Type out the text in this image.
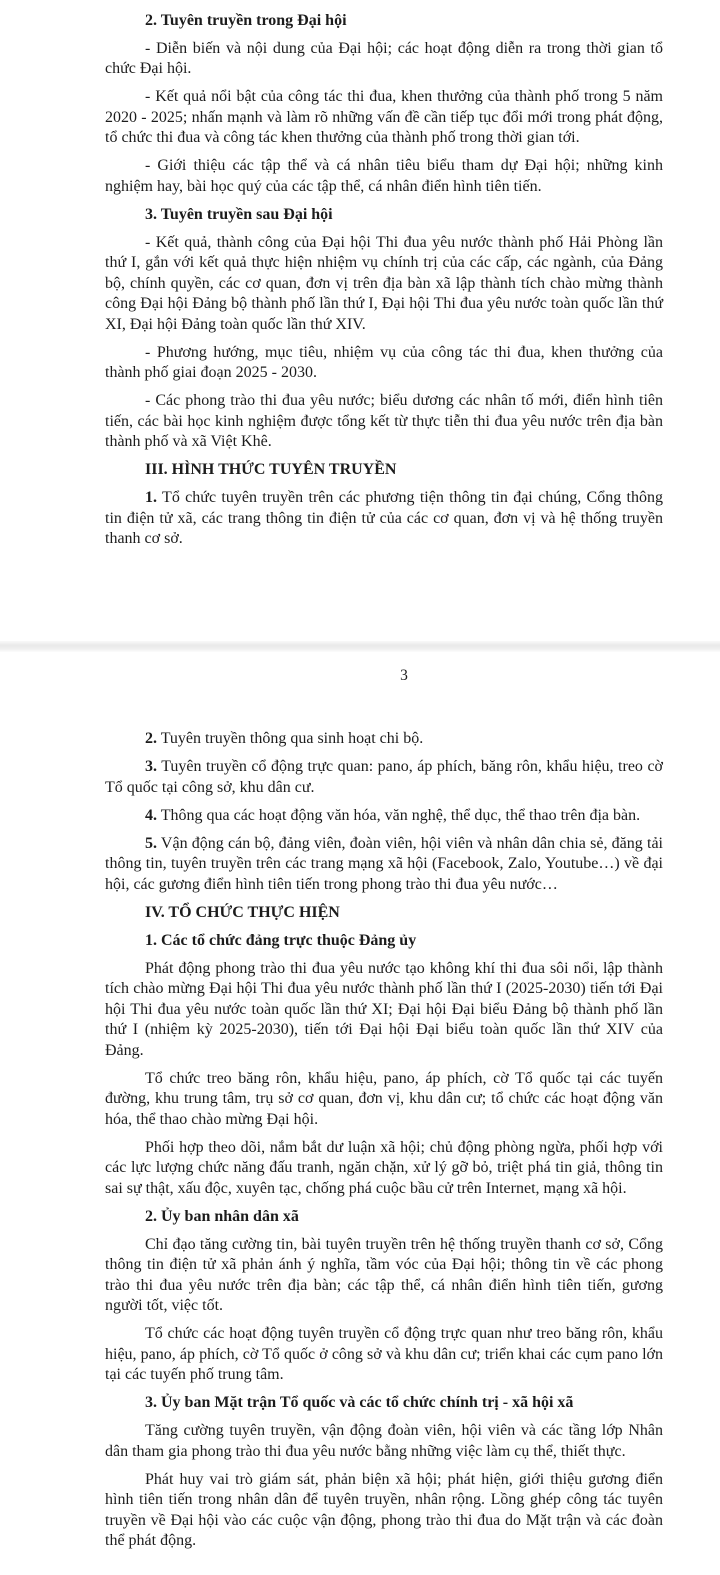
2. Tuyên truyền trong Đại hội

- Diễn biến và nội dung của Đại hội; các hoạt động diễn ra trong thời gian tổ chức Đại hội.

- Kết quả nổi bật của công tác thi đua, khen thưởng của thành phố trong 5 năm 2020 - 2025; nhấn mạnh và làm rõ những vấn đề cần tiếp tục đổi mới trong phát động, tổ chức thi đua và công tác khen thưởng của thành phố trong thời gian tới.

- Giới thiệu các tập thể và cá nhân tiêu biểu tham dự Đại hội; những kinh nghiệm hay, bài học quý của các tập thể, cá nhân điển hình tiên tiến.

3. Tuyên truyền sau Đại hội

- Kết quả, thành công của Đại hội Thi đua yêu nước thành phố Hải Phòng lần thứ I, gắn với kết quả thực hiện nhiệm vụ chính trị của các cấp, các ngành, của Đảng bộ, chính quyền, các cơ quan, đơn vị trên địa bàn xã lập thành tích chào mừng thành công Đại hội Đảng bộ thành phố lần thứ I, Đại hội Thi đua yêu nước toàn quốc lần thứ XI, Đại hội Đảng toàn quốc lần thứ XIV.

- Phương hướng, mục tiêu, nhiệm vụ của công tác thi đua, khen thưởng của thành phố giai đoạn 2025 - 2030.

- Các phong trào thi đua yêu nước; biểu dương các nhân tố mới, điển hình tiên tiến, các bài học kinh nghiệm được tổng kết từ thực tiễn thi đua yêu nước trên địa bàn thành phố và xã Việt Khê.

III. HÌNH THỨC TUYÊN TRUYỀN

1. Tổ chức tuyên truyền trên các phương tiện thông tin đại chúng, Cổng thông tin điện tử xã, các trang thông tin điện tử của các cơ quan, đơn vị và hệ thống truyền thanh cơ sở.

3

2. Tuyên truyền thông qua sinh hoạt chi bộ.

3. Tuyên truyền cổ động trực quan: pano, áp phích, băng rôn, khẩu hiệu, treo cờ Tổ quốc tại công sở, khu dân cư.

4. Thông qua các hoạt động văn hóa, văn nghệ, thể dục, thể thao trên địa bàn.

5. Vận động cán bộ, đảng viên, đoàn viên, hội viên và nhân dân chia sẻ, đăng tải thông tin, tuyên truyền trên các trang mạng xã hội (Facebook, Zalo, Youtube…) về đại hội, các gương điển hình tiên tiến trong phong trào thi đua yêu nước…

IV. TỔ CHỨC THỰC HIỆN

1. Các tổ chức đảng trực thuộc Đảng ủy

Phát động phong trào thi đua yêu nước tạo không khí thi đua sôi nổi, lập thành tích chào mừng Đại hội Thi đua yêu nước thành phố lần thứ I (2025-2030) tiến tới Đại hội Thi đua yêu nước toàn quốc lần thứ XI; Đại hội Đại biểu Đảng bộ thành phố lần thứ I (nhiệm kỳ 2025-2030), tiến tới Đại hội Đại biểu toàn quốc lần thứ XIV của Đảng.

Tổ chức treo băng rôn, khẩu hiệu, pano, áp phích, cờ Tổ quốc tại các tuyến đường, khu trung tâm, trụ sở cơ quan, đơn vị, khu dân cư; tổ chức các hoạt động văn hóa, thể thao chào mừng Đại hội.

Phối hợp theo dõi, nắm bắt dư luận xã hội; chủ động phòng ngừa, phối hợp với các lực lượng chức năng đấu tranh, ngăn chặn, xử lý gỡ bỏ, triệt phá tin giả, thông tin sai sự thật, xấu độc, xuyên tạc, chống phá cuộc bầu cử trên Internet, mạng xã hội.

2. Ủy ban nhân dân xã

Chỉ đạo tăng cường tin, bài tuyên truyền trên hệ thống truyền thanh cơ sở, Cổng thông tin điện tử xã phản ánh ý nghĩa, tầm vóc của Đại hội; thông tin về các phong trào thi đua yêu nước trên địa bàn; các tập thể, cá nhân điển hình tiên tiến, gương người tốt, việc tốt.

Tổ chức các hoạt động tuyên truyền cổ động trực quan như treo băng rôn, khẩu hiệu, pano, áp phích, cờ Tổ quốc ở công sở và khu dân cư; triển khai các cụm pano lớn tại các tuyến phố trung tâm.

3. Ủy ban Mặt trận Tổ quốc và các tổ chức chính trị - xã hội xã

Tăng cường tuyên truyền, vận động đoàn viên, hội viên và các tầng lớp Nhân dân tham gia phong trào thi đua yêu nước bằng những việc làm cụ thể, thiết thực.

Phát huy vai trò giám sát, phản biện xã hội; phát hiện, giới thiệu gương điển hình tiên tiến trong nhân dân để tuyên truyền, nhân rộng. Lồng ghép công tác tuyên truyền về Đại hội vào các cuộc vận động, phong trào thi đua do Mặt trận và các đoàn thể phát động.
